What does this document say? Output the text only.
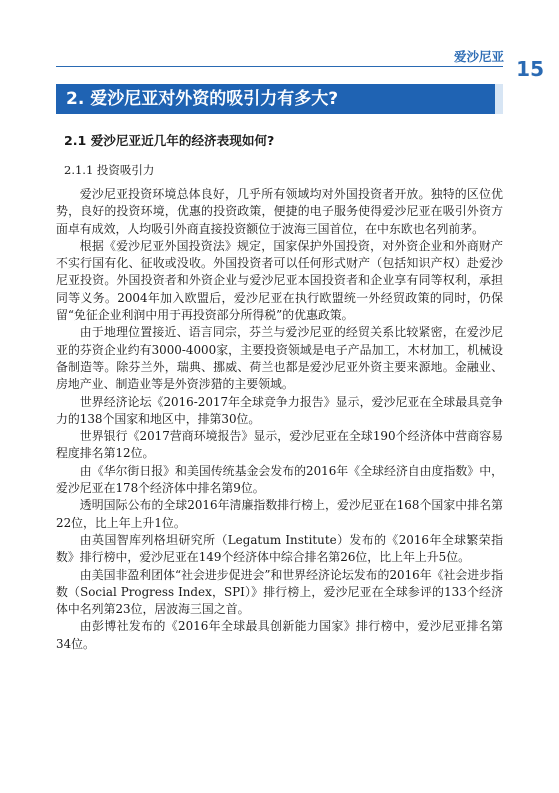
爱沙尼亚
15
2. 爱沙尼亚对外资的吸引力有多大?
2.1 爱沙尼亚近几年的经济表现如何?
2.1.1 投资吸引力

爱沙尼亚投资环境总体良好，几乎所有领域均对外国投资者开放。独特的区位优势，良好的投资环境，优惠的投资政策，便捷的电子服务使得爱沙尼亚在吸引外资方面卓有成效，人均吸引外商直接投资额位于波海三国首位，在中东欧也名列前茅。

根据《爱沙尼亚外国投资法》规定，国家保护外国投资，对外资企业和外商财产不实行国有化、征收或没收。外国投资者可以任何形式财产（包括知识产权）赴爱沙尼亚投资。外国投资者和外资企业与爱沙尼亚本国投资者和企业享有同等权利，承担同等义务。2004年加入欧盟后，爱沙尼亚在执行欧盟统一外经贸政策的同时，仍保留“免征企业利润中用于再投资部分所得税”的优惠政策。

由于地理位置接近、语言同宗，芬兰与爱沙尼亚的经贸关系比较紧密，在爱沙尼亚的芬资企业约有3000-4000家，主要投资领域是电子产品加工，木材加工，机械设备制造等。除芬兰外，瑞典、挪威、荷兰也都是爱沙尼亚外资主要来源地。金融业、房地产业、制造业等是外资涉猎的主要领域。

世界经济论坛《2016-2017年全球竞争力报告》显示，爱沙尼亚在全球最具竞争力的138个国家和地区中，排第30位。

世界银行《2017营商环境报告》显示，爱沙尼亚在全球190个经济体中营商容易程度排名第12位。

由《华尔街日报》和美国传统基金会发布的2016年《全球经济自由度指数》中，爱沙尼亚在178个经济体中排名第9位。

透明国际公布的全球2016年清廉指数排行榜上，爱沙尼亚在168个国家中排名第22位，比上年上升1位。

由英国智库列格坦研究所（Legatum Institute）发布的《2016年全球繁荣指数》排行榜中，爱沙尼亚在149个经济体中综合排名第26位，比上年上升5位。

由美国非盈利团体“社会进步促进会”和世界经济论坛发布的2016年《社会进步指数（Social Progress Index，SPI）》排行榜上，爱沙尼亚在全球参评的133个经济体中名列第23位，居波海三国之首。

由彭博社发布的《2016年全球最具创新能力国家》排行榜中，爱沙尼亚排名第34位。
